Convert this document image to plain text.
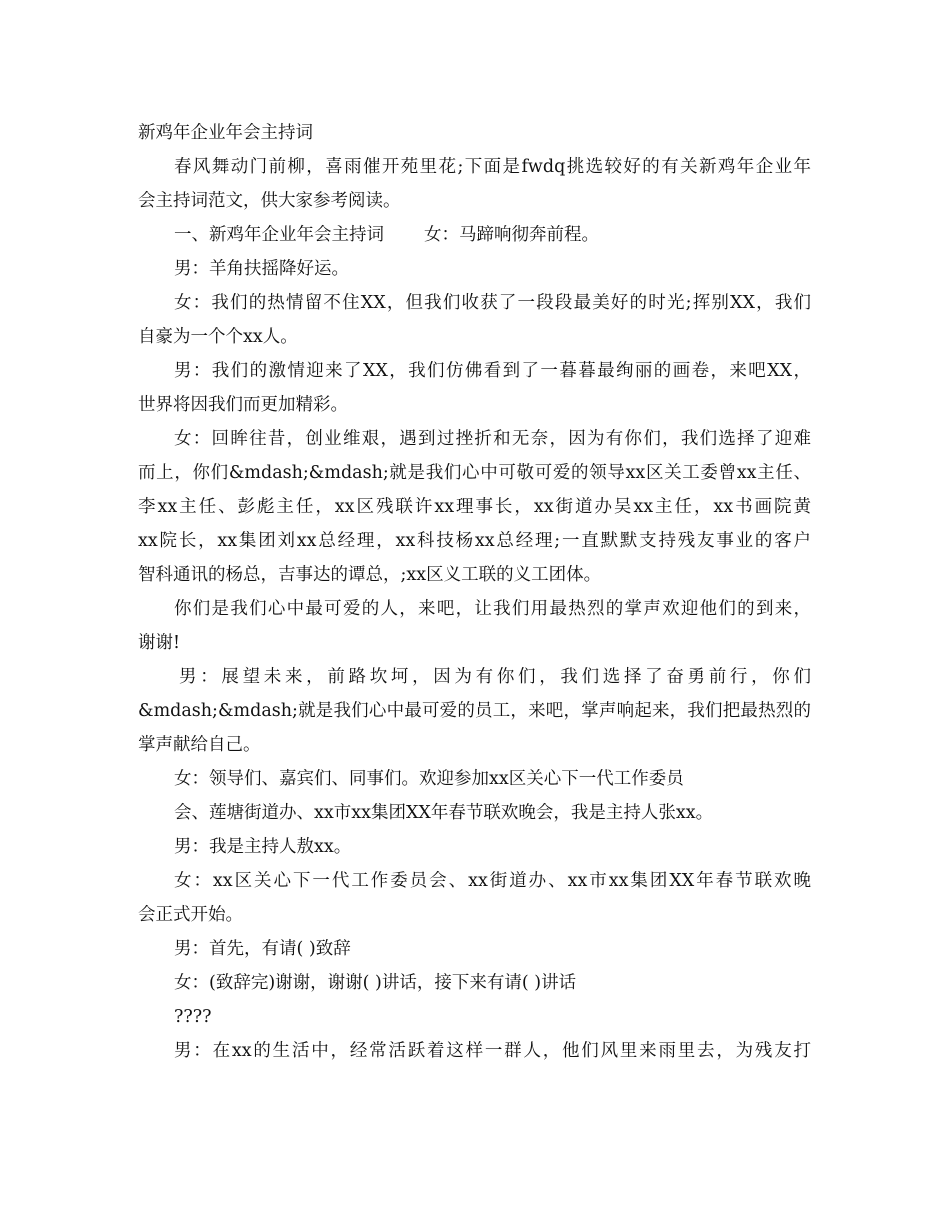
新鸡年企业年会主持词
春风舞动门前柳，喜雨催开苑里花;下面是fwdq挑选较好的有关新鸡年企业年
会主持词范文，供大家参考阅读。
一、新鸡年企业年会主持词 女：马蹄响彻奔前程。
男：羊角扶摇降好运。
女：我们的热情留不住XX，但我们收获了一段段最美好的时光;挥别XX，我们
自豪为一个个xx人。
男：我们的激情迎来了XX，我们仿佛看到了一暮暮最绚丽的画卷，来吧XX，
世界将因我们而更加精彩。
女：回眸往昔，创业维艰，遇到过挫折和无奈，因为有你们，我们选择了迎难
而上，你们&mdash;&mdash;就是我们心中可敬可爱的领导xx区关工委曾xx主任、
李xx主任、彭彪主任，xx区残联许xx理事长，xx街道办吴xx主任，xx书画院黄
xx院长，xx集团刘xx总经理，xx科技杨xx总经理;一直默默支持残友事业的客户
智科通讯的杨总，吉事达的谭总，;xx区义工联的义工团体。
你们是我们心中最可爱的人，来吧，让我们用最热烈的掌声欢迎他们的到来，
谢谢!
男：展望未来，前路坎坷，因为有你们，我们选择了奋勇前行，你们
&mdash;&mdash;就是我们心中最可爱的员工，来吧，掌声响起来，我们把最热烈的
掌声献给自己。
女：领导们、嘉宾们、同事们。欢迎参加xx区关心下一代工作委员
会、莲塘街道办、xx市xx集团XX年春节联欢晚会，我是主持人张xx。
男：我是主持人敖xx。
女：xx区关心下一代工作委员会、xx街道办、xx市xx集团XX年春节联欢晚
会正式开始。
男：首先，有请( )致辞
女：(致辞完)谢谢，谢谢( )讲话，接下来有请( )讲话
????
男：在xx的生活中，经常活跃着这样一群人，他们风里来雨里去，为残友打
